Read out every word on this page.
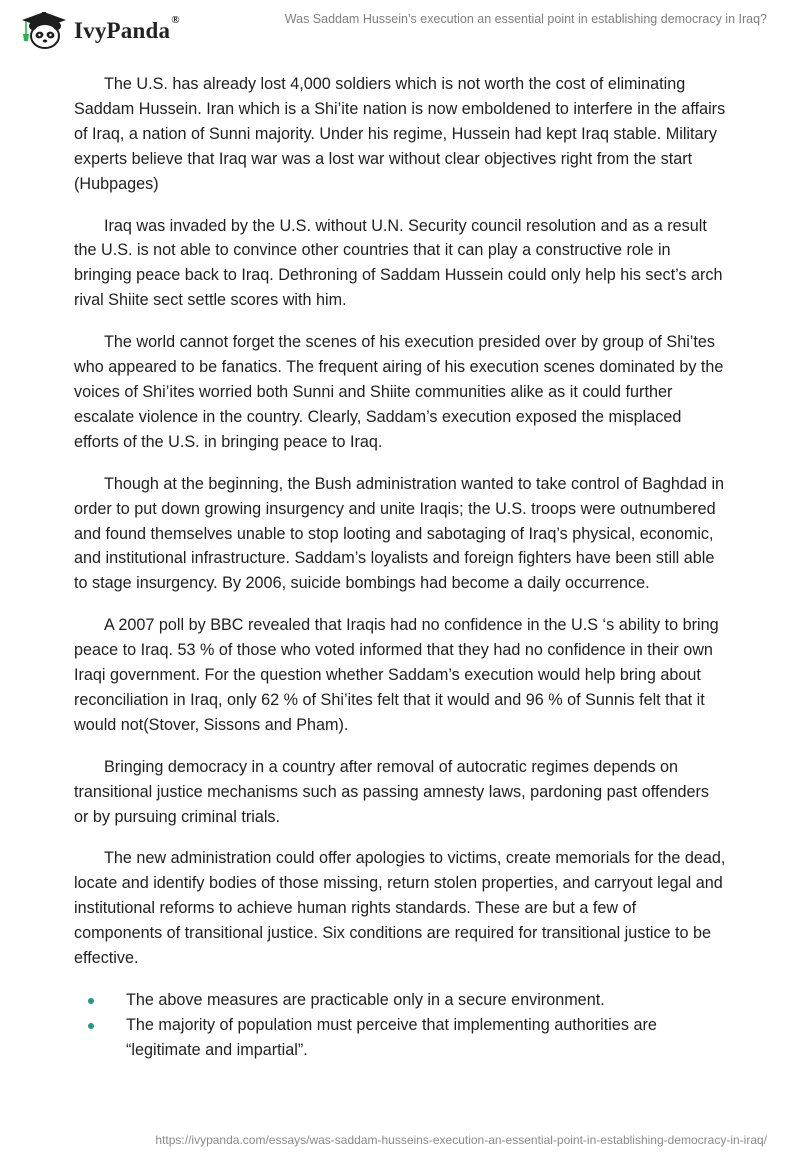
IvyPanda®	Was Saddam Hussein’s execution an essential point in establishing democracy in Iraq?

The U.S. has already lost 4,000 soldiers which is not worth the cost of eliminating Saddam Hussein. Iran which is a Shi’ite nation is now emboldened to interfere in the affairs of Iraq, a nation of Sunni majority. Under his regime, Hussein had kept Iraq stable. Military experts believe that Iraq war was a lost war without clear objectives right from the start (Hubpages)

Iraq was invaded by the U.S. without U.N. Security council resolution and as a result the U.S. is not able to convince other countries that it can play a constructive role in bringing peace back to Iraq. Dethroning of Saddam Hussein could only help his sect’s arch rival Shiite sect settle scores with him.

The world cannot forget the scenes of his execution presided over by group of Shi’tes who appeared to be fanatics. The frequent airing of his execution scenes dominated by the voices of Shi’ites worried both Sunni and Shiite communities alike as it could further escalate violence in the country. Clearly, Saddam’s execution exposed the misplaced efforts of the U.S. in bringing peace to Iraq.

Though at the beginning, the Bush administration wanted to take control of Baghdad in order to put down growing insurgency and unite Iraqis; the U.S. troops were outnumbered and found themselves unable to stop looting and sabotaging of Iraq’s physical, economic, and institutional infrastructure. Saddam’s loyalists and foreign fighters have been still able to stage insurgency. By 2006, suicide bombings had become a daily occurrence.

A 2007 poll by BBC revealed that Iraqis had no confidence in the U.S ‘s ability to bring peace to Iraq. 53 % of those who voted informed that they had no confidence in their own Iraqi government. For the question whether Saddam’s execution would help bring about reconciliation in Iraq, only 62 % of Shi’ites felt that it would and 96 % of Sunnis felt that it would not(Stover, Sissons and Pham).

Bringing democracy in a country after removal of autocratic regimes depends on transitional justice mechanisms such as passing amnesty laws, pardoning past offenders or by pursuing criminal trials.

The new administration could offer apologies to victims, create memorials for the dead, locate and identify bodies of those missing, return stolen properties, and carryout legal and institutional reforms to achieve human rights standards. These are but a few of components of transitional justice. Six conditions are required for transitional justice to be effective.

The above measures are practicable only in a secure environment.
The majority of population must perceive that implementing authorities are “legitimate and impartial”.
https://ivypanda.com/essays/was-saddam-husseins-execution-an-essential-point-in-establishing-democracy-in-iraq/
